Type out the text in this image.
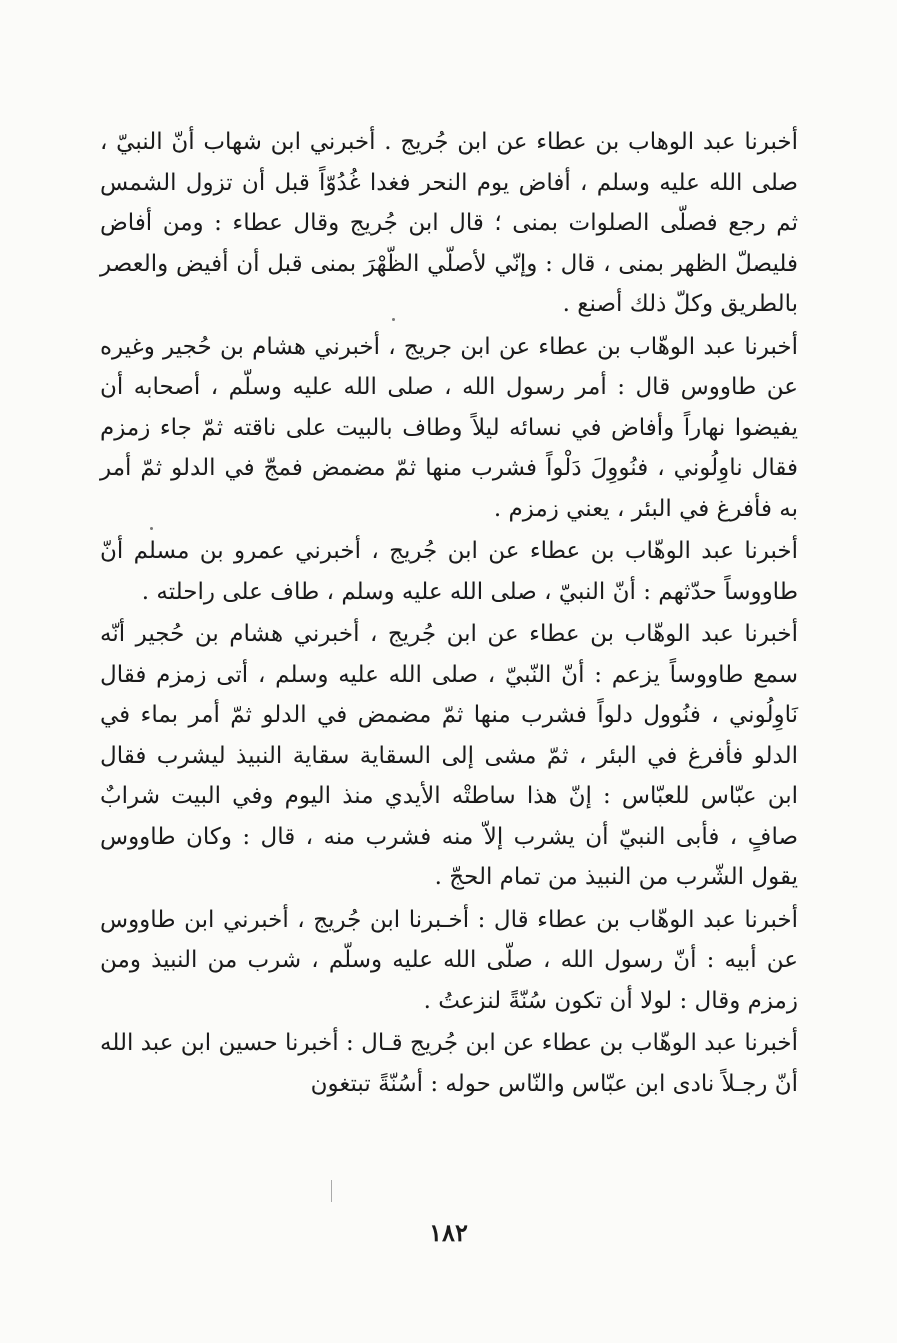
أخبرنا عبد الوهاب بن عطاء عن ابن جُريج . أخبرني ابن شهاب أنّ النبيّ ، صلى الله عليه وسلم ، أفاض يوم النحر فغدا غُدُوّاً قبل أن تزول الشمس ثم رجع فصلّى الصلوات بمنى ؛ قال ابن جُريج وقال عطاء : ومن أفاض فليصلّ الظهر بمنى ، قال : وإنّي لأصلّي الظّهْرَ بمنى قبل أن أفيض والعصر بالطريق وكلّ ذلك أصنع .

أخبرنا عبد الوهّاب بن عطاء عن ابن جريج ، أخبرني هشام بن حُجير وغيره عن طاووس قال : أمر رسول الله ، صلى الله عليه وسلّم ، أصحابه أن يفيضوا نهاراً وأفاض في نسائه ليلاً وطاف بالبيت على ناقته ثمّ جاء زمزم فقال ناوِلُوني ، فنُووِلَ دَلْواً فشرب منها ثمّ مضمض فمجّ في الدلو ثمّ أمر به فأفرغ في البئر ، يعني زمزم .

أخبرنا عبد الوهّاب بن عطاء عن ابن جُريج ، أخبرني عمرو بن مسلم أنّ طاووساً حدّثهم : أنّ النبيّ ، صلى الله عليه وسلم ، طاف على راحلته .

أخبرنا عبد الوهّاب بن عطاء عن ابن جُريج ، أخبرني هشام بن حُجير أنّه سمع طاووساً يزعم : أنّ النّبيّ ، صلى الله عليه وسلم ، أتى زمزم فقال نَاوِلُوني ، فنُوول دلواً فشرب منها ثمّ مضمض في الدلو ثمّ أمر بماء في الدلو فأفرغ في البئر ، ثمّ مشى إلى السقاية سقاية النبيذ ليشرب فقال ابن عبّاس للعبّاس : إنّ هذا ساطتْه الأيدي منذ اليوم وفي البيت شرابٌ صافٍ ، فأبى النبيّ أن يشرب إلاّ منه فشرب منه ، قال : وكان طاووس يقول الشّرب من النبيذ من تمام الحجّ .

أخبرنا عبد الوهّاب بن عطاء قال : أخـبرنا ابن جُريج ، أخبرني ابن طاووس عن أبيه : أنّ رسول الله ، صلّى الله عليه وسلّم ، شرب من النبيذ ومن زمزم وقال : لولا أن تكون سُنّةً لنزعتُ .

أخبرنا عبد الوهّاب بن عطاء عن ابن جُريج قـال : أخبرنا حسين ابن عبد الله أنّ رجـلاً نادى ابن عبّاس والنّاس حوله : أسُنّةً تبتغون

١٨٢
